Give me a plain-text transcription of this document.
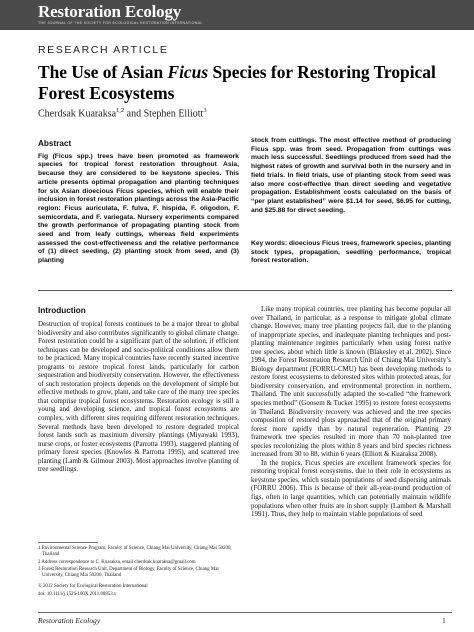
Restoration Ecology
THE JOURNAL OF THE SOCIETY FOR ECOLOGICAL RESTORATION INTERNATIONAL
RESEARCH ARTICLE
The Use of Asian Ficus Species for Restoring Tropical Forest Ecosystems
Cherdsak Kuaraksa$^{1,2}$ and Stephen Elliott$^3$
Abstract
Fig (Ficus spp.) trees have been promoted as framework species for tropical forest restoration throughout Asia, because they are considered to be keystone species. This article presents optimal propagation and planting techniques for six Asian dioecious Ficus species, which will enable their inclusion in forest restoration plantings across the Asia-Pacific region: Ficus auriculata, F. fulva, F. hispida, F. oligodon, F. semicordata, and F. variegata. Nursery experiments compared the growth performance of propagating planting stock from seed and from leafy cuttings, whereas field experiments assessed the cost-effectiveness and the relative performance of (1) direct seeding, (2) planting stock from seed, and (3) planting
stock from cuttings. The most effective method of producing Ficus spp. was from seed. Propagation from cuttings was much less successful. Seedlings produced from seed had the highest rates of growth and survival both in the nursery and in field trials. In field trials, use of planting stock from seed was also more cost-effective than direct seeding and vegetative propagation. Establishment costs calculated on the basis of “per plant established” were $1.14 for seed, $6.95 for cutting, and $25.88 for direct seeding.
Key words: dioecious Ficus trees, framework species, planting stock types, propagation, seedling performance, tropical forest restoration.
Introduction

Destruction of tropical forests continues to be a major threat to global biodiversity and also contributes significantly to global climate change. Forest restoration could be a significant part of the solution, if efficient techniques can be developed and socio-political conditions allow them to be practiced. Many tropical countries have recently started incentive programs to restore tropical forest lands, particularly for carbon sequestration and biodiversity conservation. However, the effectiveness of such restoration projects depends on the development of simple but effective methods to grow, plant, and take care of the many tree species that comprise tropical forest ecosystems. Restoration ecology is still a young and developing science, and tropical forest ecosystems are complex, with different sites requiring different restoration techniques. Several methods have been developed to restore degraded tropical forest lands such as maximum diversity plantings (Miyawaki 1993), nurse crops, or foster ecosystems (Parrotta 1993), staggered planting of primary forest species (Knowles & Parrotta 1995), and scattered tree planting (Lamb & Gilmour 2003). Most approaches involve planting of tree seedlings.

Like many tropical countries, tree planting has become popular all over Thailand, in particular, as a response to mitigate global climate change. However, many tree planting projects fail, due to the planting of inappropriate species, and inadequate planting techniques and post-planting maintenance regimes particularly when using forest native tree species, about which little is known (Blakesley et al. 2002). Since 1994, the Forest Restoration Research Unit of Chiang Mai University’s Biology department (FORRU-CMU) has been developing methods to restore forest ecosystems to deforested sites within protected areas, for biodiversity conservation, and environmental protection in northern, Thailand. The unit successfully adapted the so-called “the framework species method” (Goosem & Tucker 1995) to restore forest ecosystems in Thailand. Biodiversity recovery was achieved and the tree species composition of restored plots approached that of the original primary forest more rapidly than by natural regeneration. Planting 29 framework tree species resulted in more than 70 non-planted tree species recolonizing the plots within 8 years and bird species richness increased from 30 to 88, within 6 years (Elliott & Kuaraksa 2008).

In the tropics, Ficus species are excellent framework species for restoring tropical forest ecosystems, due to their role in ecosystems as keystone species, which sustain populations of seed dispersing animals (FORRU 2006). This is because of their all-year-round production of figs, often in large quantities, which can potentially maintain wildlife populations when other fruits are in short supply (Lambert & Marshall 1991). Thus, they help to maintain viable populations of seed

1 Environmental Science Program, Faculty of Science, Chiang Mai University, Chiang Mai 50200, Thailand

2 Address correspondence to C. Kuaraksa, email cherdsak.kuaraksa@gmail.com

3 Forest Restoration Research Unit, Department of Biology, Faculty of Science, Chiang Mai University, Chiang Mai 50200, Thailand

© 2012 Society for Ecological Restoration International

doi: 10.1111/j.1526-100X.2011.00853.x

Restoration Ecology	1
